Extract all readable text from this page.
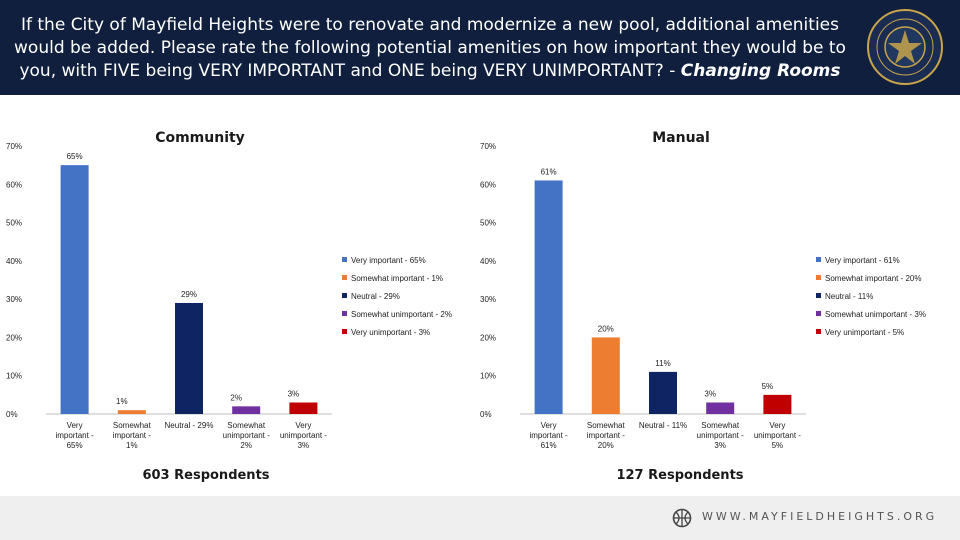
If the City of Mayfield Heights were to renovate and modernize a new pool, additional amenities would be added. Please rate the following potential amenities on how important they would be to you, with FIVE being VERY IMPORTANT and ONE being VERY UNIMPORTANT? - Changing Rooms
Community
0%
10%
20%
30%
40%
50%
60%
70%
65%
Very important -65%
1%
Somewhat important -1%
29%
Neutral - 29%
2%
Somewhat unimportant -2%
3%
Very unimportant -3%
Very important - 65%
Somewhat important - 1%
Neutral - 29%
Somewhat unimportant - 2%
Very unimportant - 3%
603 Respondents
Manual
0%
10%
20%
30%
40%
50%
60%
70%
61%
Very important -61%
20%
Somewhat important -20%
11%
Neutral - 11%
3%
Somewhat unimportant -3%
5%
Very unimportant -5%
Very important - 61%
Somewhat important - 20%
Neutral - 11%
Somewhat unimportant - 3%
Very unimportant - 5%
127 Respondents
WWW.MAYFIELDHEIGHTS.ORG
